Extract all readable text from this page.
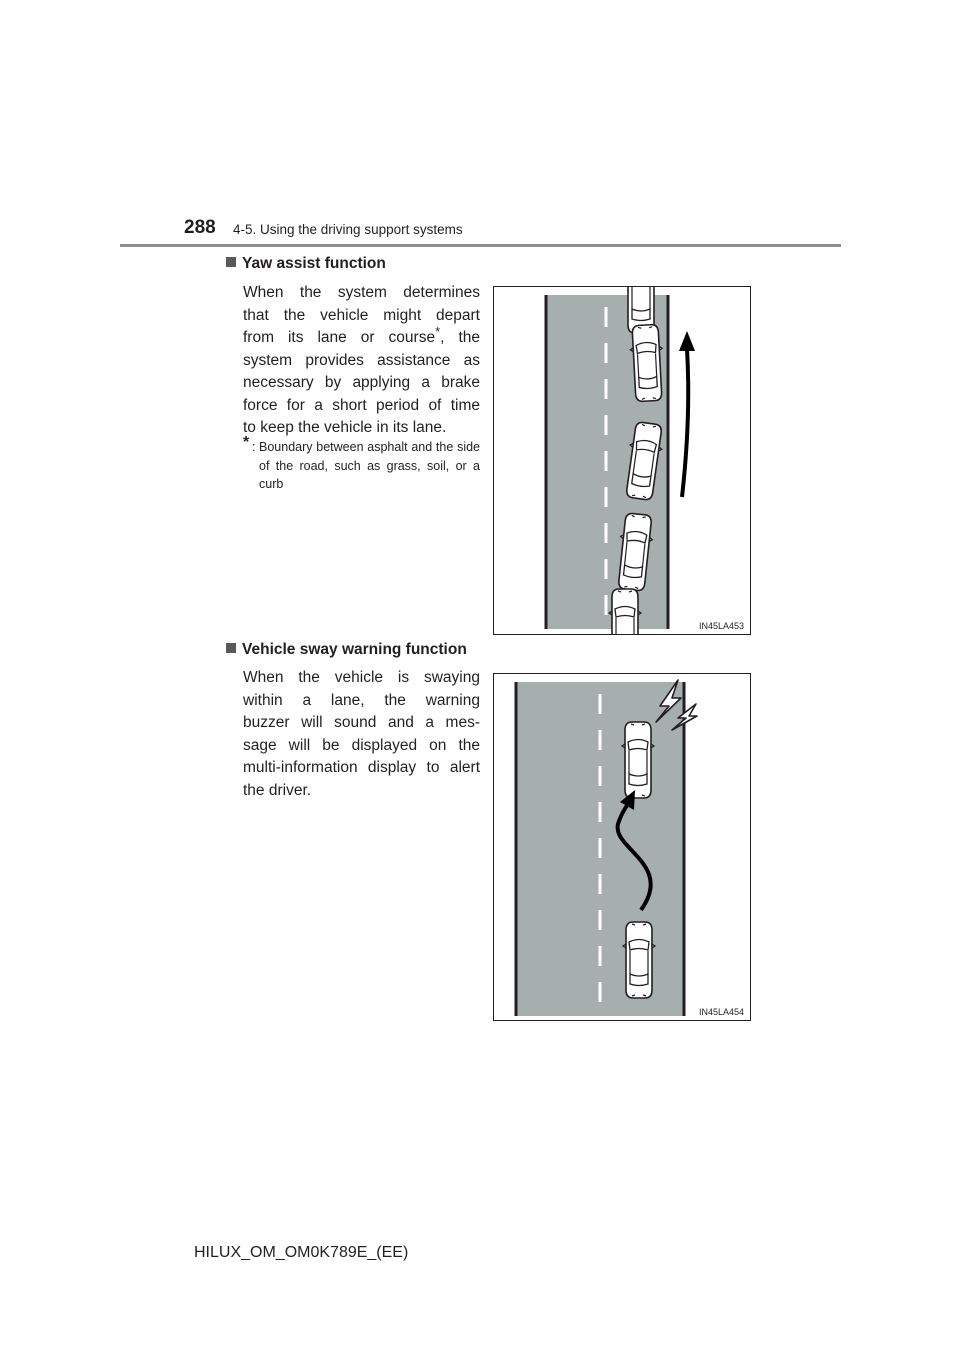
288 4-5. Using the driving support systems
Yaw assist function
When the system determines
that the vehicle might depart
from its lane or course*, the
system provides assistance as
necessary by applying a brake
force for a short period of time
to keep the vehicle in its lane.
* : Boundary between asphalt and the side of the road, such as grass, soil, or a curb
IN45LA453
Vehicle sway warning function
When the vehicle is swaying
within a lane, the warning
buzzer will sound and a mes-
sage will be displayed on the
multi-information display to alert
the driver.
IN45LA454
HILUX_OM_OM0K789E_(EE)
